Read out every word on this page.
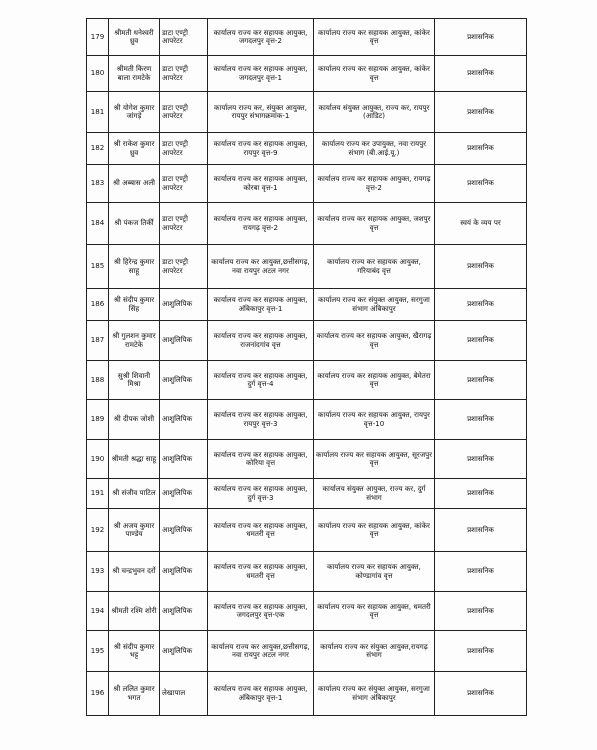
179	श्रीमती धनेश्वरी ध्रुव	डाटा एण्ट्री आपरेटर	कार्यालय राज्य कर सहायक आयुक्त, जगदलपुर वृत्त-2	कार्यालय राज्य कर सहायक आयुक्त, कांकेर वृत्त	प्रशासनिक
180	श्रीमती किरण बाला रामटेके	डाटा एण्ट्री आपरेटर	कार्यालय राज्य कर सहायक आयुक्त, जगदलपुर वृत्त-1	कार्यालय राज्य कर सहायक आयुक्त, कांकेर वृत्त	प्रशासनिक
181	श्री योगेश कुमार जांगड़े	डाटा एण्ट्री आपरेटर	कार्यालय राज्य कर, संयुक्त आयुक्त, रायपुर संभागक्रमांक-1	कार्यालय संयुक्त आयुक्त, राज्य कर, रायपुर (आडिट)	प्रशासनिक
182	श्री राकेश कुमार ध्रुव	डाटा एण्ट्री आपरेटर	कार्यालय राज्य कर सहायक आयुक्त, रायपुर वृत्त-9	कार्यालय राज्य कर उपायुक्त, नवा रायपुर संभाग (बी.आई.यू.)	प्रशासनिक
183	श्री अब्बास अली	डाटा एण्ट्री आपरेटर	कार्यालय राज्य कर सहायक आयुक्त, कोरबा वृत्त-1	कार्यालय राज्य कर सहायक आयुक्त, रायगढ़ वृत्त-2	प्रशासनिक
184	श्री पंकज तिर्की	डाटा एण्ट्री आपरेटर	कार्यालय राज्य कर सहायक आयुक्त, रायगढ़ वृत्त-2	कार्यालय राज्य कर सहायक आयुक्त, जशपुर वृत्त	स्वयं के व्यय पर
185	श्री हिरेन्द्र कुमार साहू	डाटा एण्ट्री आपरेटर	कार्यालय राज्य कर आयुक्त,छत्तीसगढ़, नवा रायपुर अटल नगर	कार्यालय राज्य कर सहायक आयुक्त, गरियाबंद वृत्त	प्रशासनिक
186	श्री संदीप कुमार सिंह	आशुलिपिक	कार्यालय राज्य कर सहायक आयुक्त, अंबिकापुर वृत्त-1	कार्यालय राज्य कर संयुक्त आयुक्त, सरगुजा संभाग अंबिकापुर	प्रशासनिक
187	श्री गुलशन कुमार रामटेके	आशुलिपिक	कार्यालय राज्य कर सहायक आयुक्त, राजनांदगांव वृत्त	कार्यालय राज्य कर सहायक आयुक्त, खैरागढ़ वृत्त	प्रशासनिक
188	सुश्री शिवानी मिश्रा	आशुलिपिक	कार्यालय राज्य कर सहायक आयुक्त, दुर्ग वृत्त-4	कार्यालय राज्य कर सहायक आयुक्त, बेमेतरा वृत्त	प्रशासनिक
189	श्री दीपक जोशी	आशुलिपिक	कार्यालय राज्य कर सहायक आयुक्त, रायपुर वृत्त-3	कार्यालय राज्य कर सहायक आयुक्त, रायपुर वृत्त-10	प्रशासनिक
190	श्रीमती श्रद्धा साहू	आशुलिपिक	कार्यालय राज्य कर सहायक आयुक्त, कोरिया वृत्त	कार्यालय राज्य कर सहायक आयुक्त, सूरजपुर वृत्त	प्रशासनिक
191	श्री संजीव पाटिल	आशुलिपिक	कार्यालय राज्य कर सहायक आयुक्त, दुर्ग वृत्त-3	कार्यालय संयुक्त आयुक्त, राज्य कर, दुर्ग संभाग	प्रशासनिक
192	श्री अजय कुमार पाण्डेय	आशुलिपिक	कार्यालय राज्य कर सहायक आयुक्त, धमतरी वृत्त	कार्यालय राज्य कर सहायक आयुक्त, कांकेर वृत्त	प्रशासनिक
193	श्री चन्द्रभुवन दर्रो	आशुलिपिक	कार्यालय राज्य कर सहायक आयुक्त, धमतरी वृत्त	कार्यालय राज्य कर सहायक आयुक्त, कोण्डागांव वृत्त	प्रशासनिक
194	श्रीमती रश्मि शोरी	आशुलिपिक	कार्यालय राज्य कर सहायक आयुक्त, जगदलपुर वृत्त-एक	कार्यालय राज्य कर सहायक आयुक्त, धमतरी वृत्त	प्रशासनिक
195	श्री संदीप कुमार भट्ट	आशुलिपिक	कार्यालय राज्य कर आयुक्त,छत्तीसगढ़, नवा रायपुर अटल नगर	कार्यालय राज्य कर संयुक्त आयुक्त,रायगढ़ संभाग	प्रशासनिक
196	श्री ललित कुमार भगत	लेखापाल	कार्यालय राज्य कर सहायक आयुक्त, अंबिकापुर वृत्त-1	कार्यालय राज्य कर संयुक्त आयुक्त, सरगुजा संभाग अंबिकापुर	प्रशासनिक
